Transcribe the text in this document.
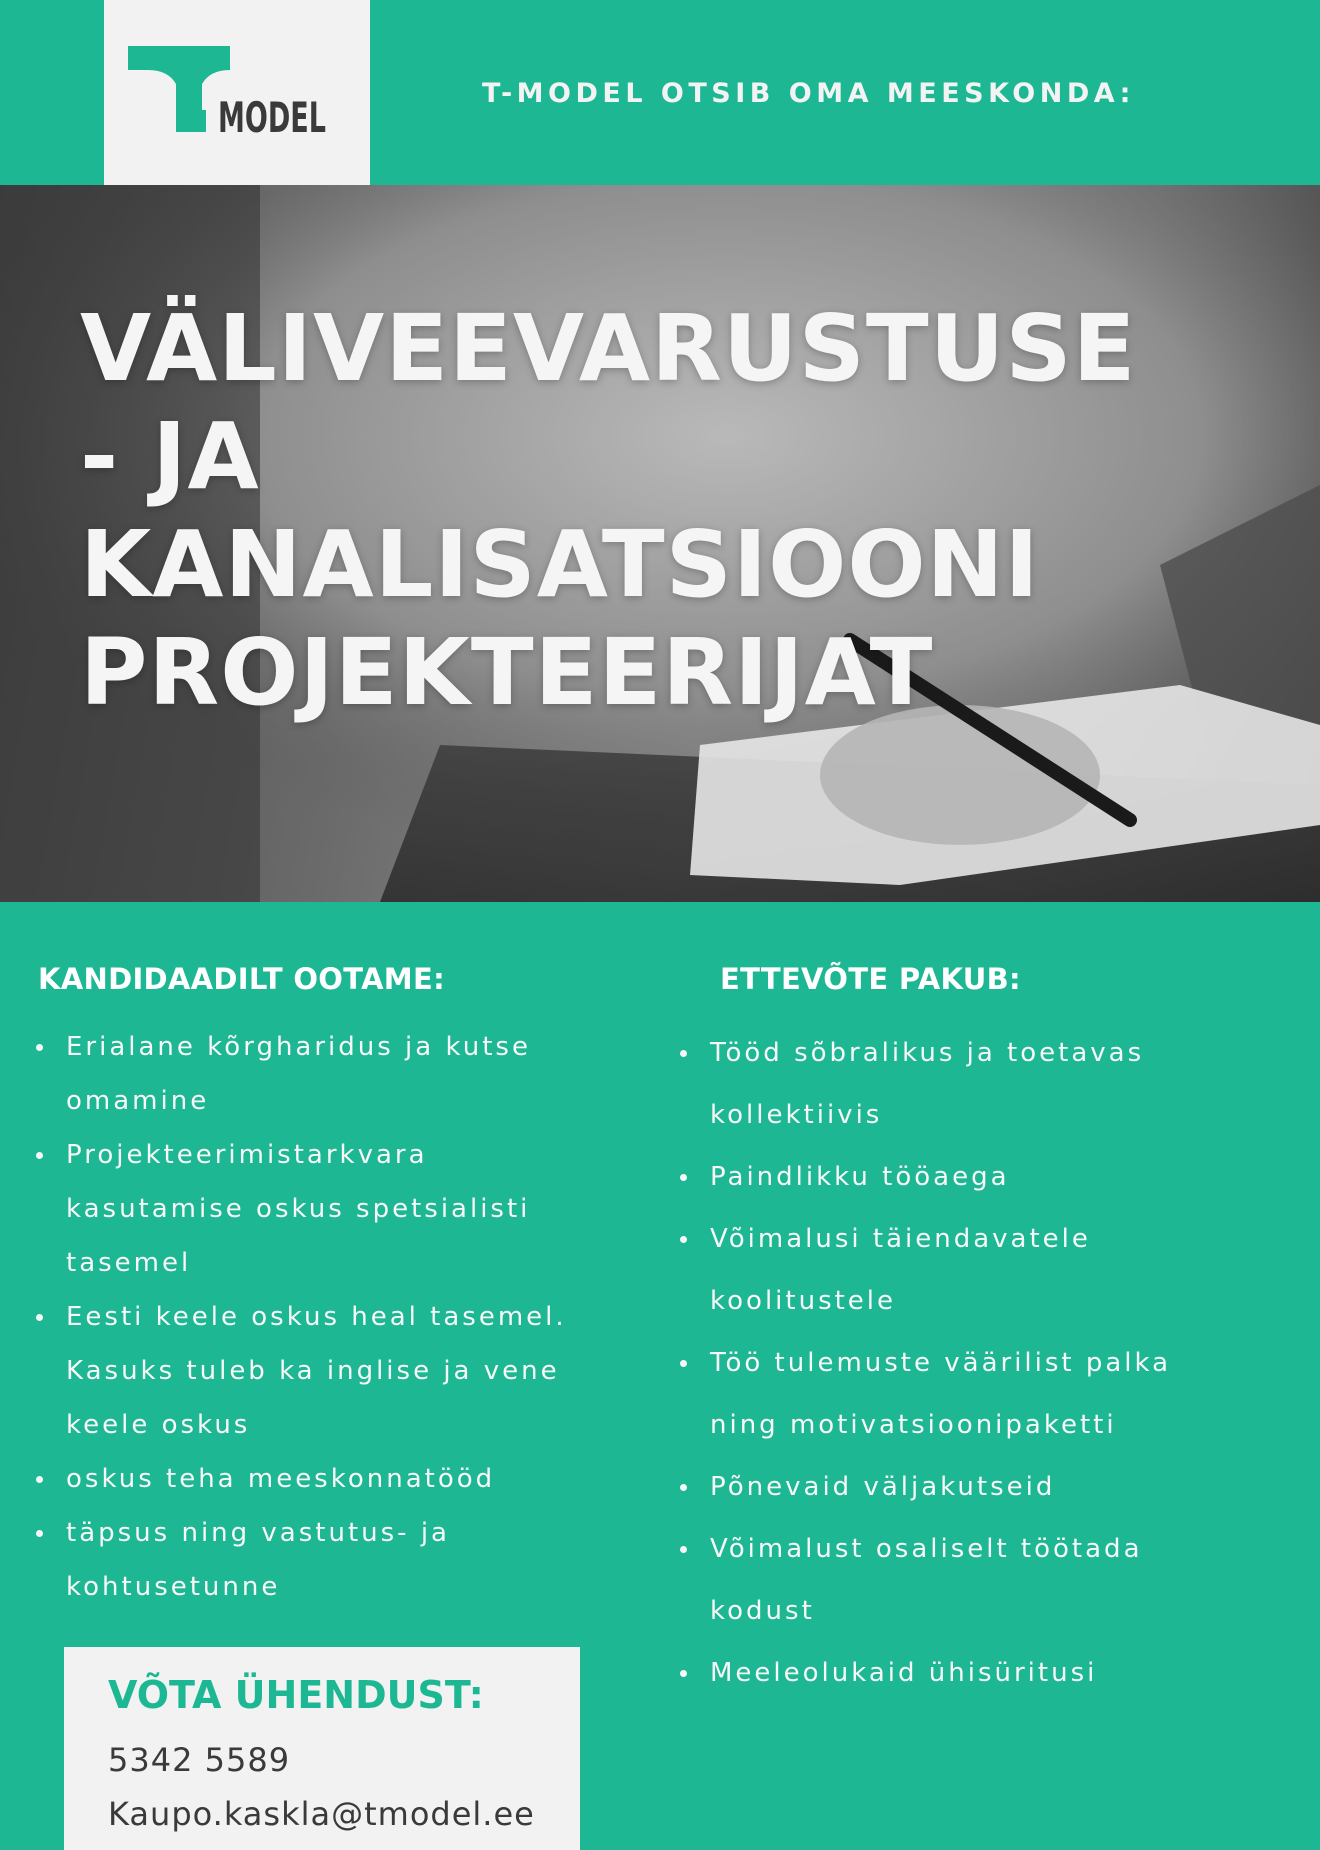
MODEL	T-MODEL OTSIB OMA MEESKONDA:
VÄLIVEEVARUSTUSE
- JA
KANALISATSIOONI
PROJEKTEERIJAT
KANDIDAADILT OOTAME:
Erialane kõrgharidus ja kutse
omamine
Projekteerimistarkvara
kasutamise oskus spetsialisti
tasemel
Eesti keele oskus heal tasemel.
Kasuks tuleb ka inglise ja vene
keele oskus
oskus teha meeskonnatööd
täpsus ning vastutus- ja
kohtusetunne
ETTEVÕTE PAKUB:
Tööd sõbralikus ja toetavas
kollektiivis
Paindlikku tööaega
Võimalusi täiendavatele
koolitustele
Töö tulemuste väärilist palka
ning motivatsioonipaketti
Põnevaid väljakutseid
Võimalust osaliselt töötada
kodust
Meeleolukaid ühisüritusi
VÕTA ÜHENDUST:
5342 5589
Kaupo.kaskla@tmodel.ee
